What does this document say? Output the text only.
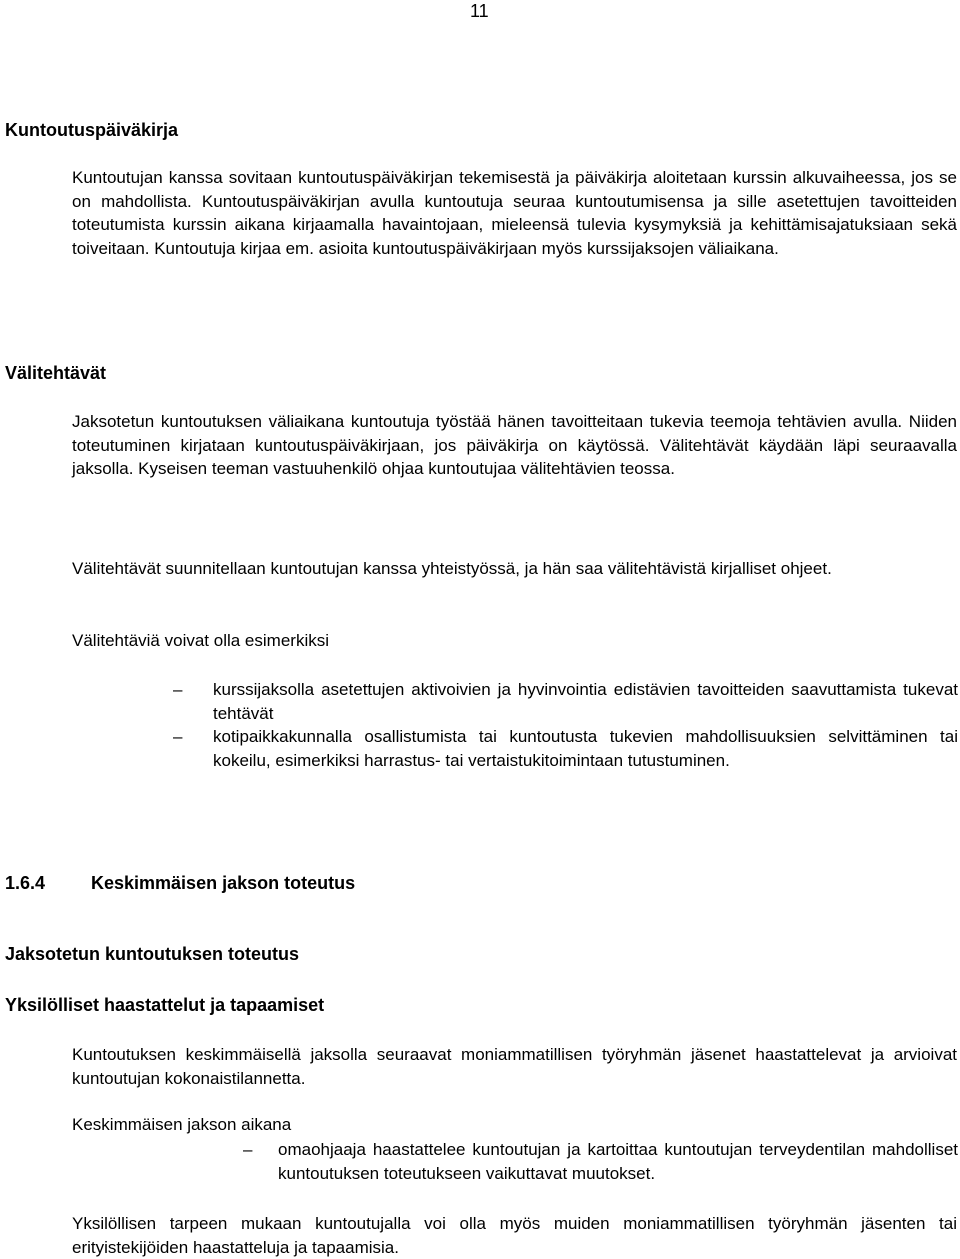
11
Kuntoutuspäiväkirja

Kuntoutujan kanssa sovitaan kuntoutuspäiväkirjan tekemisestä ja päiväkirja aloitetaan kurssin alkuvaiheessa, jos se on mahdollista. Kuntoutuspäiväkirjan avulla kuntoutuja seuraa kuntoutumisensa ja sille asetettujen tavoitteiden toteutumista kurssin aikana kirjaamalla havaintojaan, mieleensä tulevia kysymyksiä ja kehittämisajatuksiaan sekä toiveitaan. Kuntoutuja kirjaa em. asioita kuntoutuspäiväkirjaan myös kurssijaksojen väliaikana.

Välitehtävät

Jaksotetun kuntoutuksen väliaikana kuntoutuja työstää hänen tavoitteitaan tukevia teemoja tehtävien avulla. Niiden toteutuminen kirjataan kuntoutuspäiväkirjaan, jos päiväkirja on käytössä. Välitehtävät käydään läpi seuraavalla jaksolla. Kyseisen teeman vastuuhenkilö ohjaa kuntoutujaa välitehtävien teossa.

Välitehtävät suunnitellaan kuntoutujan kanssa yhteistyössä, ja hän saa välitehtävistä kirjalliset ohjeet.

Välitehtäviä voivat olla esimerkiksi

– kurssijaksolla asetettujen aktivoivien ja hyvinvointia edistävien tavoitteiden saavuttamista tukevat tehtävät
– kotipaikkakunnalla osallistumista tai kuntoutusta tukevien mahdollisuuksien selvittäminen tai kokeilu, esimerkiksi harrastus- tai vertaistukitoimintaan tutustuminen.
1.6.4	Keskimmäisen jakson toteutus
Jaksotetun kuntoutuksen toteutus
Yksilölliset haastattelut ja tapaamiset

Kuntoutuksen keskimmäisellä jaksolla seuraavat moniammatillisen työryhmän jäsenet haastattelevat ja arvioivat kuntoutujan kokonaistilannetta.

Keskimmäisen jakson aikana

– omaohjaaja haastattelee kuntoutujan ja kartoittaa kuntoutujan terveydentilan mahdolliset kuntoutuksen toteutukseen vaikuttavat muutokset.

Yksilöllisen tarpeen mukaan kuntoutujalla voi olla myös muiden moniammatillisen työryhmän jäsenten tai erityistekijöiden haastatteluja ja tapaamisia.
